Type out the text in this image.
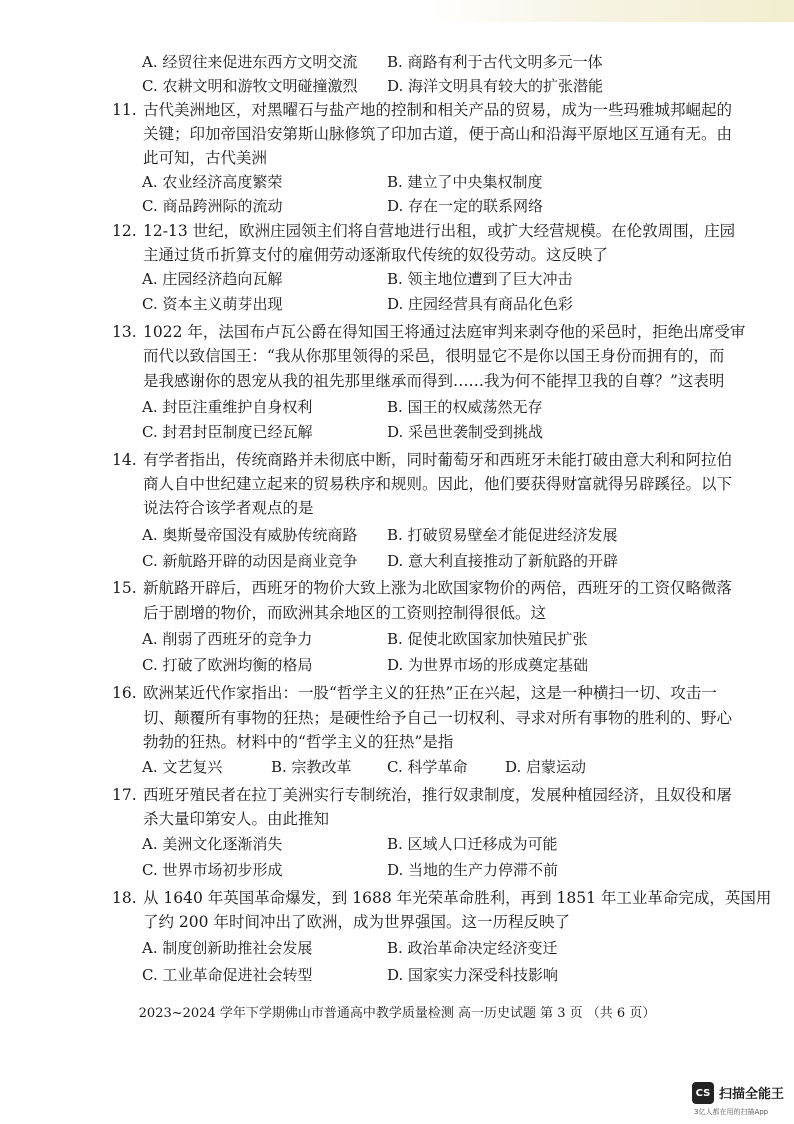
A. 经贸往来促进东西方文明交流 B. 商路有利于古代文明多元一体
C. 农耕文明和游牧文明碰撞激烈 D. 海洋文明具有较大的扩张潜能
11. 古代美洲地区，对黑曜石与盐产地的控制和相关产品的贸易，成为一些玛雅城邦崛起的
关键；印加帝国沿安第斯山脉修筑了印加古道，便于高山和沿海平原地区互通有无。由
此可知，古代美洲
A. 农业经济高度繁荣	B. 建立了中央集权制度
C. 商品跨洲际的流动	D. 存在一定的联系网络
12. 12-13 世纪，欧洲庄园领主们将自营地进行出租，或扩大经营规模。在伦敦周围，庄园
主通过货币折算支付的雇佣劳动逐渐取代传统的奴役劳动。这反映了
A. 庄园经济趋向瓦解	B. 领主地位遭到了巨大冲击
C. 资本主义萌芽出现	D. 庄园经营具有商品化色彩
13. 1022 年，法国布卢瓦公爵在得知国王将通过法庭审判来剥夺他的采邑时，拒绝出席受审
而代以致信国王：“我从你那里领得的采邑，很明显它不是你以国王身份而拥有的，而
是我感谢你的恩宠从我的祖先那里继承而得到……我为何不能捍卫我的自尊？”这表明
A. 封臣注重维护自身权利	B. 国王的权威荡然无存
C. 封君封臣制度已经瓦解	D. 采邑世袭制受到挑战
14. 有学者指出，传统商路并未彻底中断，同时葡萄牙和西班牙未能打破由意大利和阿拉伯
商人自中世纪建立起来的贸易秩序和规则。因此，他们要获得财富就得另辟蹊径。以下
说法符合该学者观点的是
A. 奥斯曼帝国没有威胁传统商路 B. 打破贸易壁垒才能促进经济发展
C. 新航路开辟的动因是商业竞争 D. 意大利直接推动了新航路的开辟
15. 新航路开辟后，西班牙的物价大致上涨为北欧国家物价的两倍，西班牙的工资仅略微落
后于剧增的物价，而欧洲其余地区的工资则控制得很低。这
A. 削弱了西班牙的竞争力	B. 促使北欧国家加快殖民扩张
C. 打破了欧洲均衡的格局	D. 为世界市场的形成奠定基础
16. 欧洲某近代作家指出：一股“哲学主义的狂热”正在兴起，这是一种横扫一切、攻击一
切、颠覆所有事物的狂热；是硬性给予自己一切权利、寻求对所有事物的胜利的、野心
勃勃的狂热。材料中的“哲学主义的狂热”是指
A. 文艺复兴	B. 宗教改革 C. 科学革命	D. 启蒙运动
17. 西班牙殖民者在拉丁美洲实行专制统治，推行奴隶制度，发展种植园经济，且奴役和屠
杀大量印第安人。由此推知
A. 美洲文化逐渐消失	B. 区域人口迁移成为可能
C. 世界市场初步形成	D. 当地的生产力停滞不前
18. 从 1640 年英国革命爆发，到 1688 年光荣革命胜利，再到 1851 年工业革命完成，英国用
了约 200 年时间冲出了欧洲，成为世界强国。这一历程反映了
A. 制度创新助推社会发展	B. 政治革命决定经济变迁
C. 工业革命促进社会转型	D. 国家实力深受科技影响
2023~2024 学年下学期佛山市普通高中教学质量检测 高一历史试题 第 3 页 （共 6 页）
CS 扫描全能王
3亿人都在用的扫描App
